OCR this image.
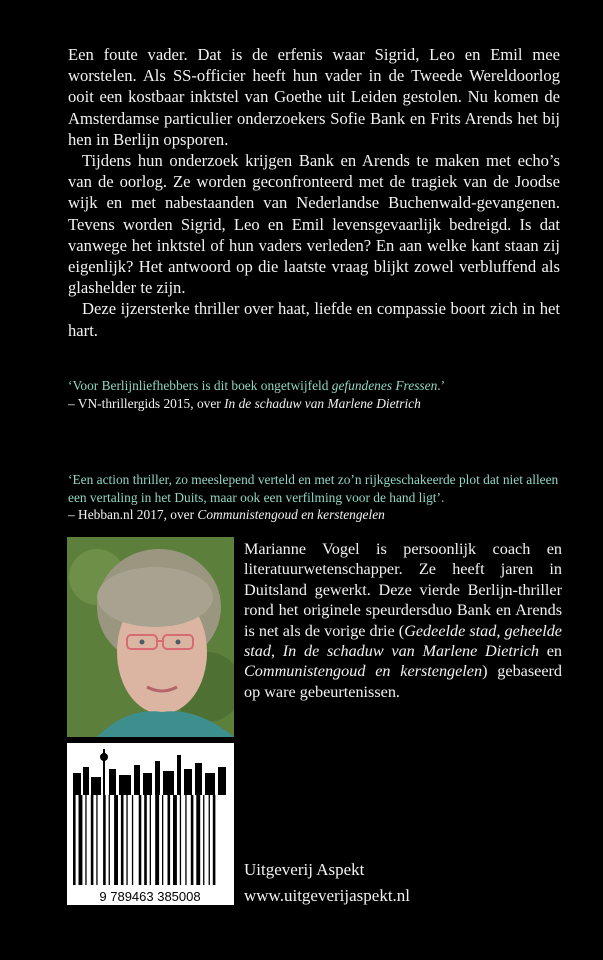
Een foute vader. Dat is de erfenis waar Sigrid, Leo en Emil mee worstelen. Als SS-officier heeft hun vader in de Tweede Wereldoorlog ooit een kostbaar inktstel van Goethe uit Leiden gestolen. Nu komen de Amsterdamse particulier onderzoekers Sofie Bank en Frits Arends het bij hen in Berlijn opsporen.

Tijdens hun onderzoek krijgen Bank en Arends te maken met echo’s van de oorlog. Ze worden geconfronteerd met de tragiek van de Joodse wijk en met nabestaanden van Nederlandse Buchenwald-gevangenen. Tevens worden Sigrid, Leo en Emil levensgevaarlijk bedreigd. Is dat vanwege het inktstel of hun vaders verleden? En aan welke kant staan zij eigenlijk? Het antwoord op die laatste vraag blijkt zowel verbluffend als glashelder te zijn.

Deze ijzersterke thriller over haat, liefde en compassie boort zich in het hart.

‘Voor Berlijnliefhebbers is dit boek ongetwijfeld gefundenes Fressen.’
– VN-thrillergids 2015, over In de schaduw van Marlene Dietrich
‘Een action thriller, zo meeslepend verteld en met zo’n rijkgeschakeerde plot dat niet alleen een vertaling in het Duits, maar ook een verfilming voor de hand ligt’.
– Hebban.nl 2017, over Communistengoud en kerstengelen

Marianne Vogel is persoonlijk coach en literatuurwetenschapper. Ze heeft jaren in Duitsland gewerkt. Deze vierde Berlijn-thriller rond het originele speurdersduo Bank en Arends is net als de vorige drie (Gedeelde stad, geheelde stad, In de schaduw van Marlene Dietrich en Communistengoud en kerstengelen) gebaseerd op ware gebeurtenissen.

9 789463 385008
Uitgeverij Aspekt
www.uitgeverijaspekt.nl
